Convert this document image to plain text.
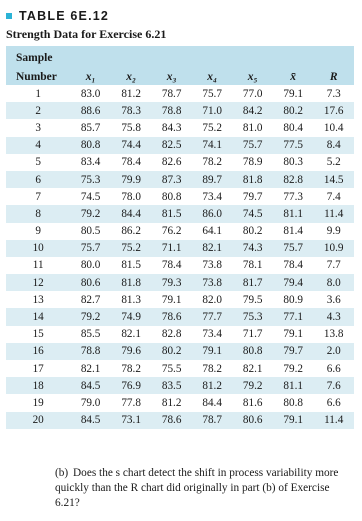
TABLE 6E.12
Strength Data for Exercise 6.21
Sample							
Number	x₁	x₂	x₃	x₄	x₅	x̄	R
1	83.0	81.2	78.7	75.7	77.0	79.1	7.3
2	88.6	78.3	78.8	71.0	84.2	80.2	17.6
3	85.7	75.8	84.3	75.2	81.0	80.4	10.4
4	80.8	74.4	82.5	74.1	75.7	77.5	8.4
5	83.4	78.4	82.6	78.2	78.9	80.3	5.2
6	75.3	79.9	87.3	89.7	81.8	82.8	14.5
7	74.5	78.0	80.8	73.4	79.7	77.3	7.4
8	79.2	84.4	81.5	86.0	74.5	81.1	11.4
9	80.5	86.2	76.2	64.1	80.2	81.4	9.9
10	75.7	75.2	71.1	82.1	74.3	75.7	10.9
11	80.0	81.5	78.4	73.8	78.1	78.4	7.7
12	80.6	81.8	79.3	73.8	81.7	79.4	8.0
13	82.7	81.3	79.1	82.0	79.5	80.9	3.6
14	79.2	74.9	78.6	77.7	75.3	77.1	4.3
15	85.5	82.1	82.8	73.4	71.7	79.1	13.8
16	78.8	79.6	80.2	79.1	80.8	79.7	2.0
17	82.1	78.2	75.5	78.2	82.1	79.2	6.6
18	84.5	76.9	83.5	81.2	79.2	81.1	7.6
19	79.0	77.8	81.2	84.4	81.6	80.8	6.6
20	84.5	73.1	78.6	78.7	80.6	79.1	11.4
(b) Does the s chart detect the shift in process variability more quickly than the R chart did originally in part (b) of Exercise 6.21?
